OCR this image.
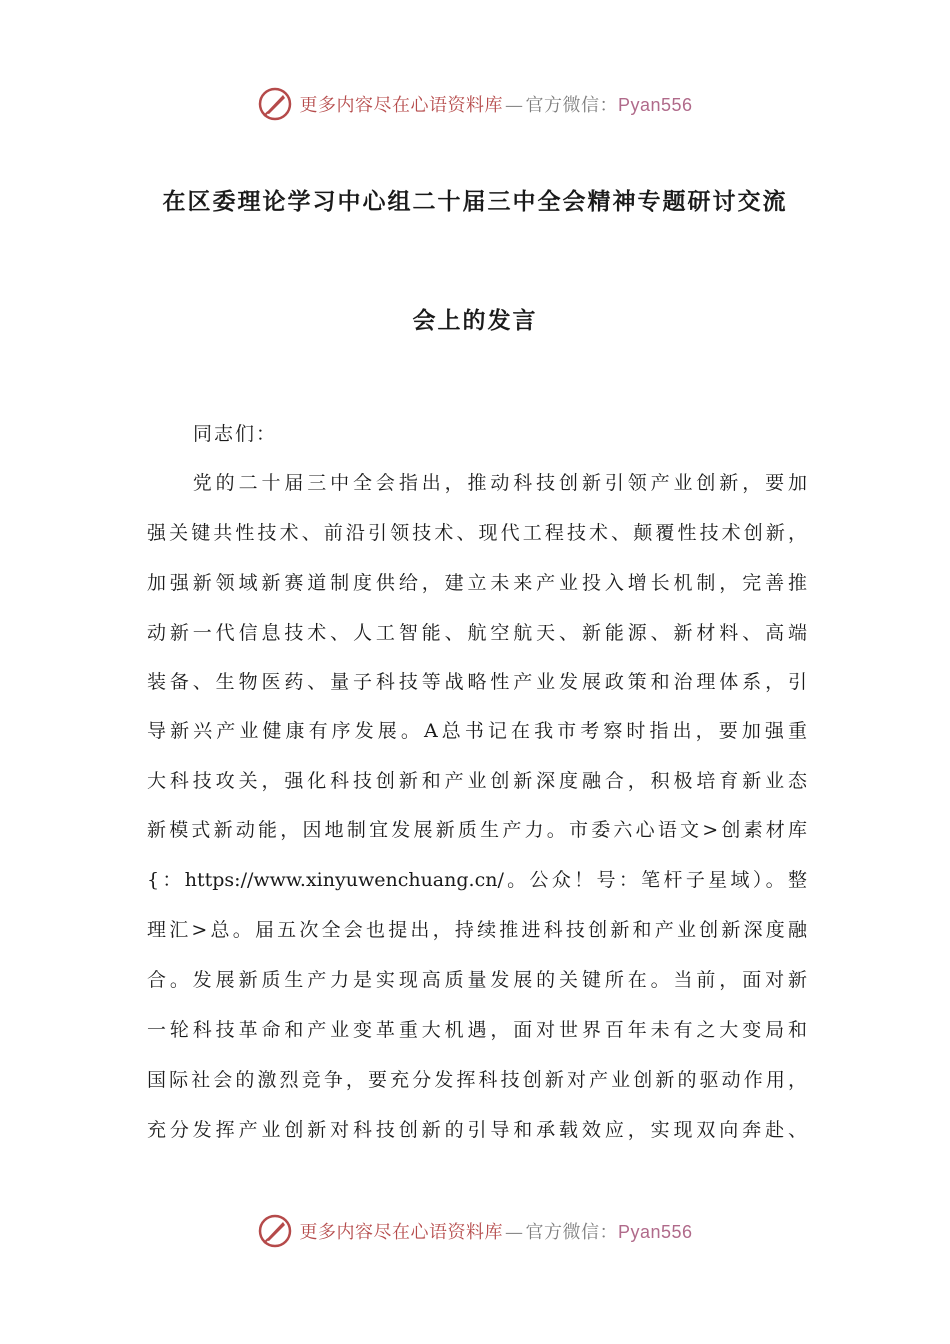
更多内容尽在心语资料库 — 官方微信：Pyan556
在区委理论学习中心组二十届三中全会精神专题研讨交流
会上的发言

同志们：

　　党的二十届三中全会指出，推动科技创新引领产业创新，要加

强关键共性技术、前沿引领技术、现代工程技术、颠覆性技术创新，

加强新领域新赛道制度供给，建立未来产业投入增长机制，完善推

动新一代信息技术、人工智能、航空航天、新能源、新材料、高端

装备、生物医药、量子科技等战略性产业发展政策和治理体系，引

导新兴产业健康有序发展。A总书记在我市考察时指出，要加强重

大科技攻关，强化科技创新和产业创新深度融合，积极培育新业态

新模式新动能，因地制宜发展新质生产力。市委六心语文>创素材库

{：https://www.xinyuwenchuang.cn/。公众！号：笔杆子星域）。整

理汇>总。届五次全会也提出，持续推进科技创新和产业创新深度融

合。发展新质生产力是实现高质量发展的关键所在。当前，面对新

一轮科技革命和产业变革重大机遇，面对世界百年未有之大变局和

国际社会的激烈竞争，要充分发挥科技创新对产业创新的驱动作用，

充分发挥产业创新对科技创新的引导和承载效应，实现双向奔赴、

更多内容尽在心语资料库 — 官方微信：Pyan556
